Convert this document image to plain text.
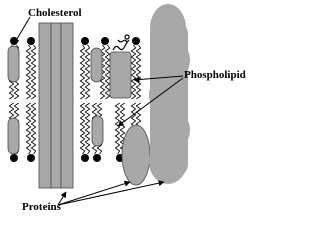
Cholesterol
Phospholipid
Proteins
